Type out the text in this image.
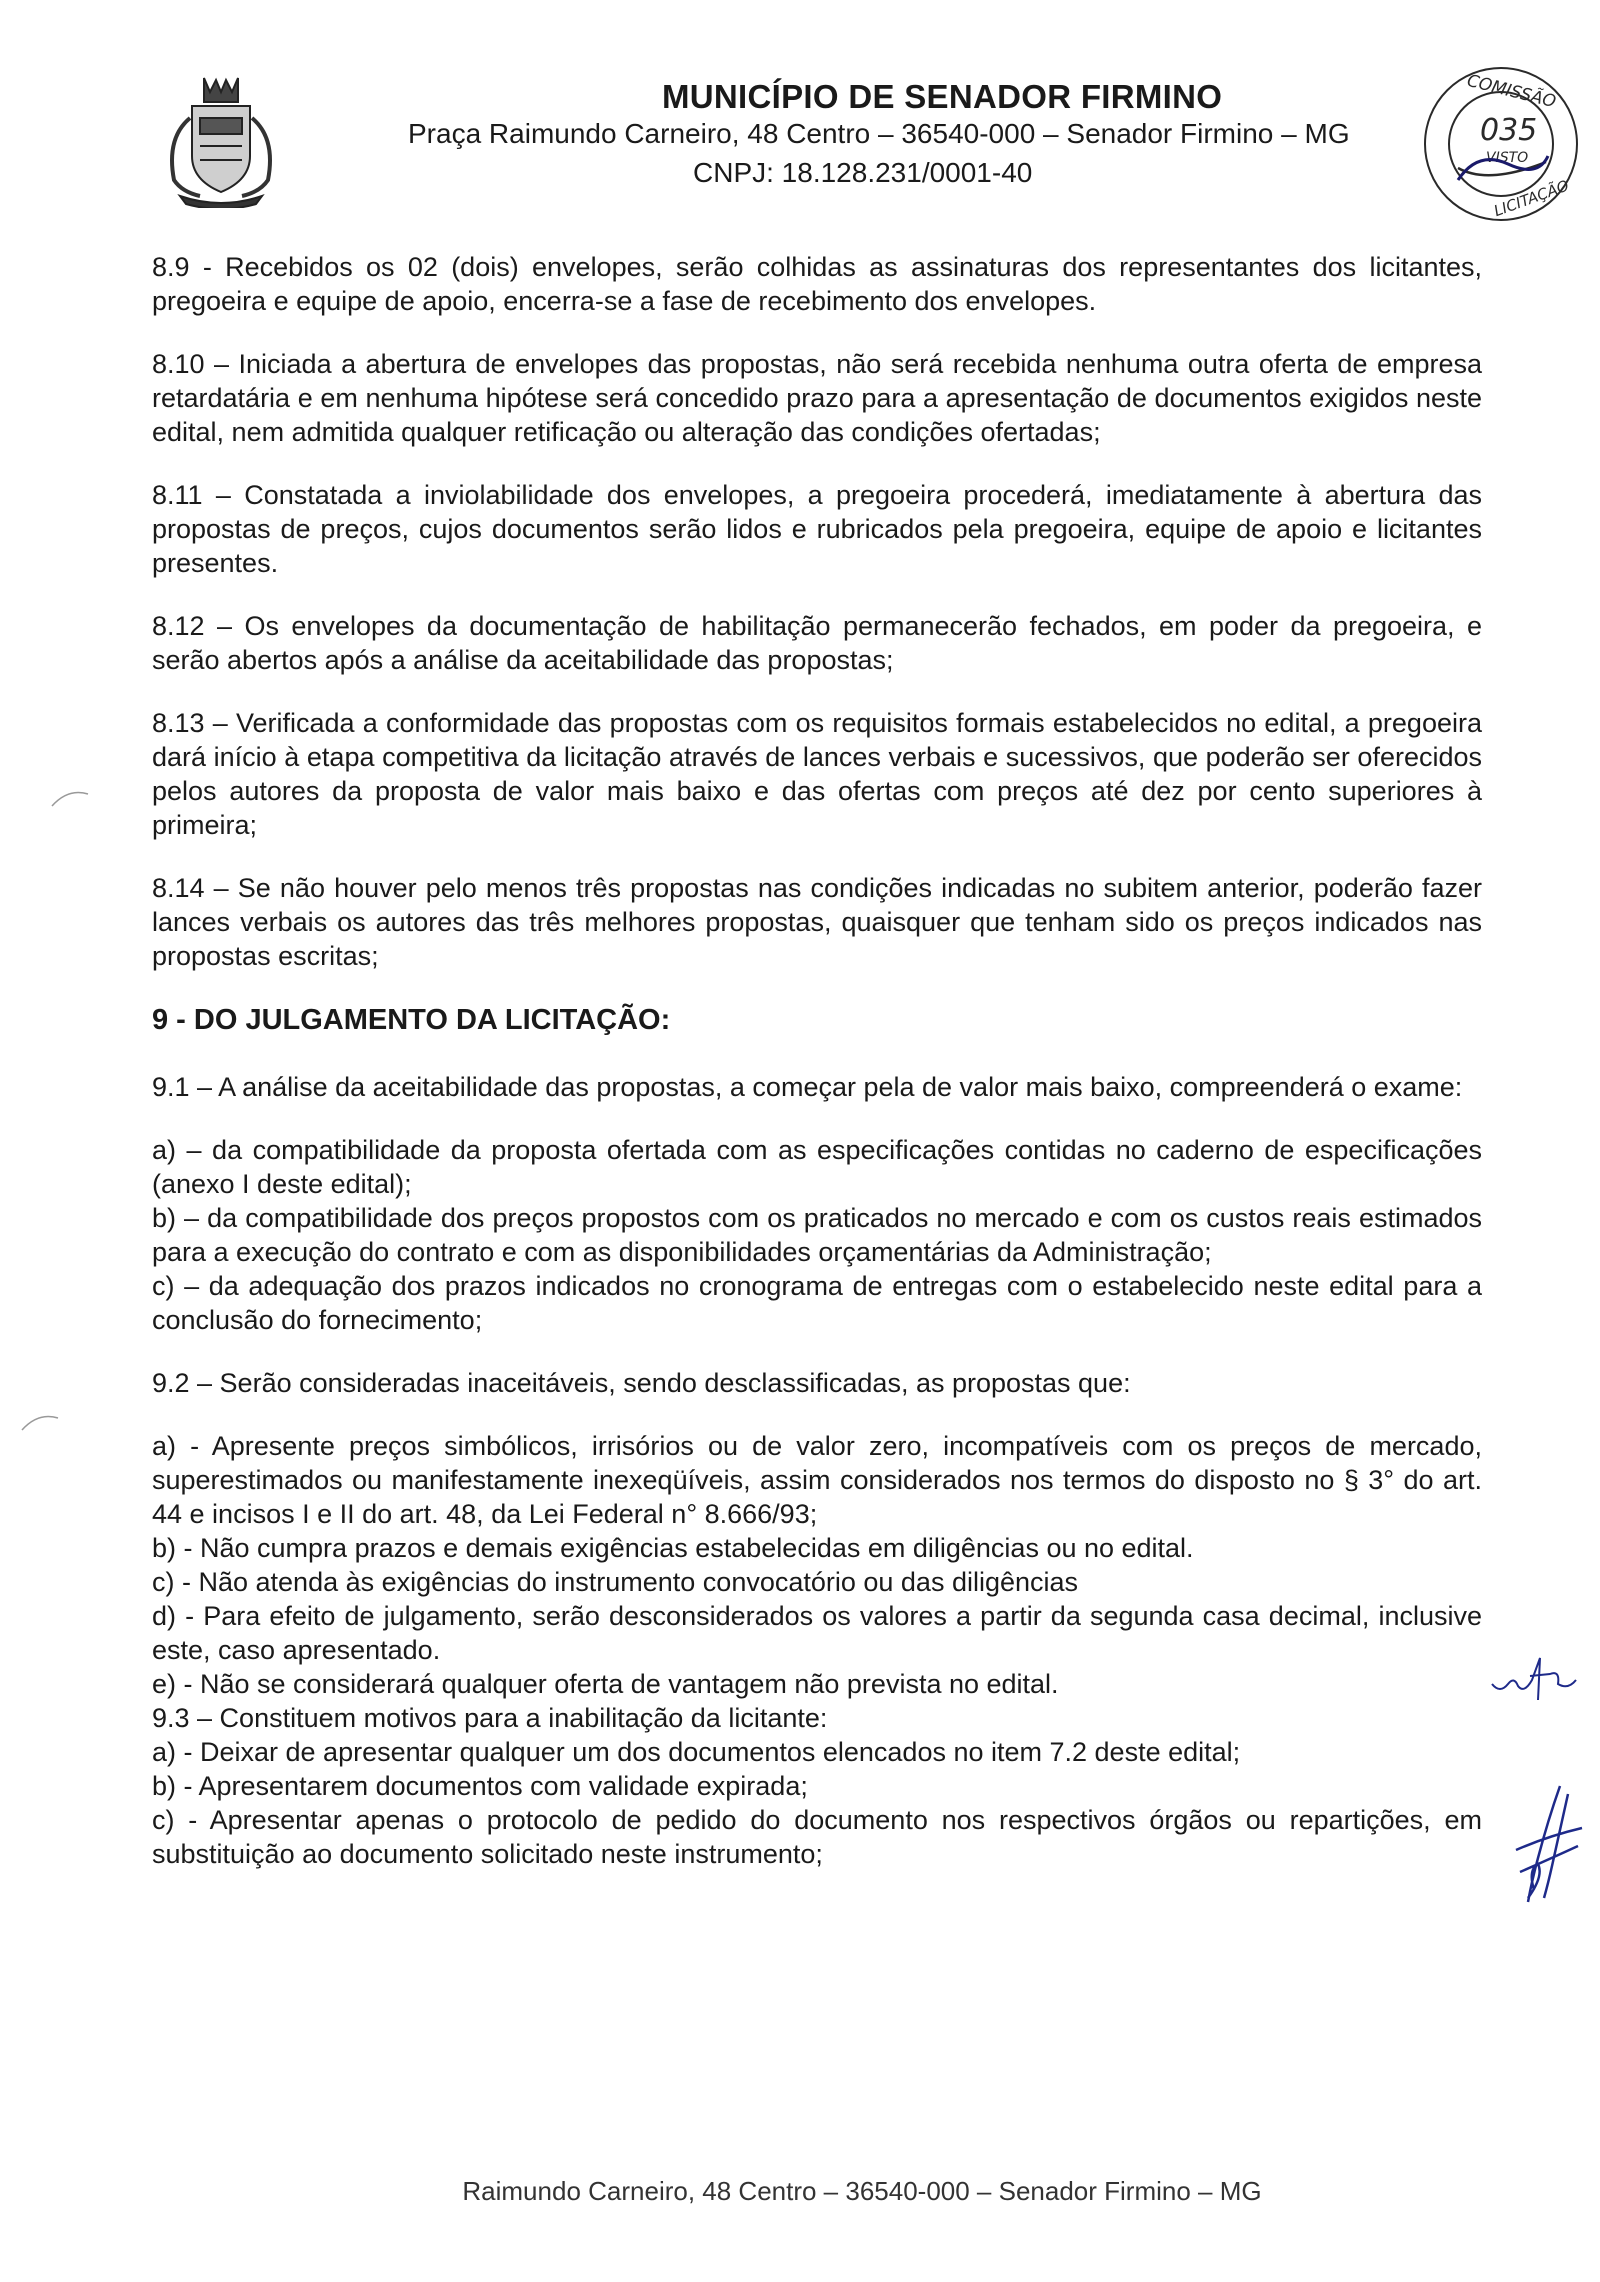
MUNICÍPIO DE SENADOR FIRMINO
Praça Raimundo Carneiro, 48 Centro – 36540-000 – Senador Firmino – MG
CNPJ: 18.128.231/0001-40
COMISSÃO
035
VISTO
LICITAÇÃO

8.9 - Recebidos os 02 (dois) envelopes, serão colhidas as assinaturas dos representantes dos licitantes, pregoeira e equipe de apoio, encerra-se a fase de recebimento dos envelopes.

8.10 – Iniciada a abertura de envelopes das propostas, não será recebida nenhuma outra oferta de empresa retardatária e em nenhuma hipótese será concedido prazo para a apresentação de documentos exigidos neste edital, nem admitida qualquer retificação ou alteração das condições ofertadas;

8.11 – Constatada a inviolabilidade dos envelopes, a pregoeira procederá, imediatamente à abertura das propostas de preços, cujos documentos serão lidos e rubricados pela pregoeira, equipe de apoio e licitantes presentes.

8.12 – Os envelopes da documentação de habilitação permanecerão fechados, em poder da pregoeira, e serão abertos após a análise da aceitabilidade das propostas;

8.13 – Verificada a conformidade das propostas com os requisitos formais estabelecidos no edital, a pregoeira dará início à etapa competitiva da licitação através de lances verbais e sucessivos, que poderão ser oferecidos pelos autores da proposta de valor mais baixo e das ofertas com preços até dez por cento superiores à primeira;

8.14 – Se não houver pelo menos três propostas nas condições indicadas no subitem anterior, poderão fazer lances verbais os autores das três melhores propostas, quaisquer que tenham sido os preços indicados nas propostas escritas;

9 - DO JULGAMENTO DA LICITAÇÃO:

9.1 – A análise da aceitabilidade das propostas, a começar pela de valor mais baixo, compreenderá o exame:

a) – da compatibilidade da proposta ofertada com as especificações contidas no caderno de especificações (anexo I deste edital);

b) – da compatibilidade dos preços propostos com os praticados no mercado e com os custos reais estimados para a execução do contrato e com as disponibilidades orçamentárias da Administração;

c) – da adequação dos prazos indicados no cronograma de entregas com o estabelecido neste edital para a conclusão do fornecimento;

9.2 – Serão consideradas inaceitáveis, sendo desclassificadas, as propostas que:

a) - Apresente preços simbólicos, irrisórios ou de valor zero, incompatíveis com os preços de mercado, superestimados ou manifestamente inexeqüíveis, assim considerados nos termos do disposto no § 3° do art. 44 e incisos I e II do art. 48, da Lei Federal n° 8.666/93;

b) - Não cumpra prazos e demais exigências estabelecidas em diligências ou no edital.

c) - Não atenda às exigências do instrumento convocatório ou das diligências

d) - Para efeito de julgamento, serão desconsiderados os valores a partir da segunda casa decimal, inclusive este, caso apresentado.

e) - Não se considerará qualquer oferta de vantagem não prevista no edital.

9.3 – Constituem motivos para a inabilitação da licitante:

a) - Deixar de apresentar qualquer um dos documentos elencados no item 7.2 deste edital;

b) - Apresentarem documentos com validade expirada;

c) - Apresentar apenas o protocolo de pedido do documento nos respectivos órgãos ou repartições, em substituição ao documento solicitado neste instrumento;

Raimundo Carneiro, 48 Centro – 36540-000 – Senador Firmino – MG
